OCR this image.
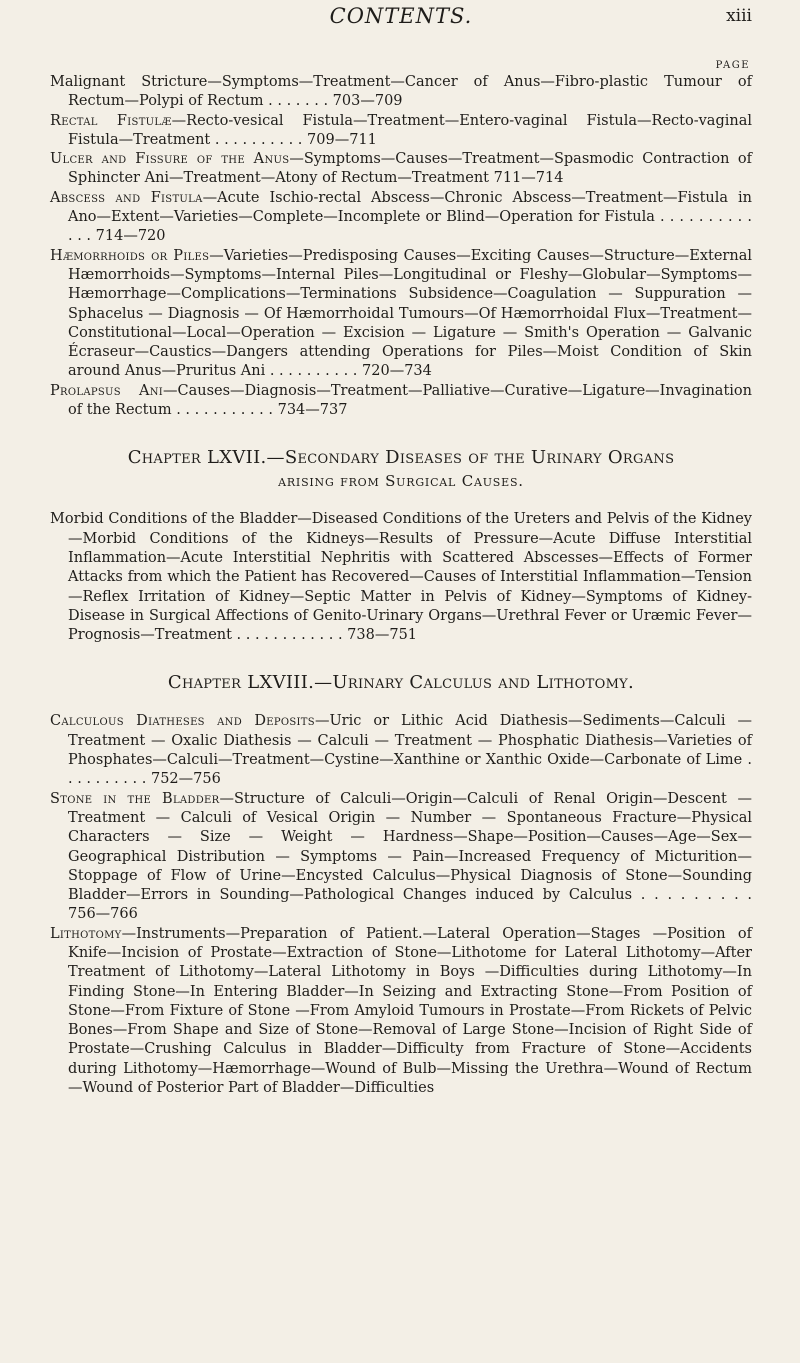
CONTENTS.	xiii
PAGE

Malignant Stricture—Symptoms—Treatment—Cancer of Anus—Fibro-plastic Tumour of Rectum—Polypi of Rectum . . . . . . . 703—709

Rectal Fistulæ—Recto-vesical Fistula—Treatment—Entero-vaginal Fistula—Recto-vaginal Fistula—Treatment . . . . . . . . . . 709—711

Ulcer and Fissure of the Anus—Symptoms—Causes—Treatment—Spasmodic Contraction of Sphincter Ani—Treatment—Atony of Rectum—Treatment 711—714

Abscess and Fistula—Acute Ischio-rectal Abscess—Chronic Abscess—Treatment—Fistula in Ano—Extent—Varieties—Complete—Incomplete or Blind—Operation for Fistula . . . . . . . . . . . . . 714—720

Hæmorrhoids or Piles—Varieties—Predisposing Causes—Exciting Causes—Structure—External Hæmorrhoids—Symptoms—Internal Piles—Longitudinal or Fleshy—Globular—Symptoms—Hæmorrhage—Complications—Terminations Subsidence—Coagulation — Suppuration — Sphacelus — Diagnosis — Of Hæmorrhoidal Tumours—Of Hæmorrhoidal Flux—Treatment—Constitutional—Local—Operation — Excision — Ligature — Smith's Operation — Galvanic Écraseur—Caustics—Dangers attending Operations for Piles—Moist Condition of Skin around Anus—Pruritus Ani . . . . . . . . . . 720—734

Prolapsus Ani—Causes—Diagnosis—Treatment—Palliative—Curative—Ligature—Invagination of the Rectum . . . . . . . . . . . 734—737

Chapter LXVII.—Secondary Diseases of the Urinary Organs
arising from Surgical Causes.

Morbid Conditions of the Bladder—Diseased Conditions of the Ureters and Pelvis of the Kidney—Morbid Conditions of the Kidneys—Results of Pressure—Acute Diffuse Interstitial Inflammation—Acute Interstitial Nephritis with Scattered Abscesses—Effects of Former Attacks from which the Patient has Recovered—Causes of Interstitial Inflammation—Tension—Reflex Irritation of Kidney—Septic Matter in Pelvis of Kidney—Symptoms of Kidney-Disease in Surgical Affections of Genito-Urinary Organs—Urethral Fever or Uræmic Fever—Prognosis—Treatment . . . . . . . . . . . . 738—751

Chapter LXVIII.—Urinary Calculus and Lithotomy.

Calculous Diatheses and Deposits—Uric or Lithic Acid Diathesis—Sediments—Calculi — Treatment — Oxalic Diathesis — Calculi — Treatment — Phosphatic Diathesis—Varieties of Phosphates—Calculi—Treatment—Cystine—Xanthine or Xanthic Oxide—Carbonate of Lime . . . . . . . . . . 752—756

Stone in the Bladder—Structure of Calculi—Origin—Calculi of Renal Origin—Descent — Treatment — Calculi of Vesical Origin — Number — Spontaneous Fracture—Physical Characters — Size — Weight — Hardness—Shape—Position—Causes—Age—Sex—Geographical Distribution — Symptoms — Pain—Increased Frequency of Micturition—Stoppage of Flow of Urine—Encysted Calculus—Physical Diagnosis of Stone—Sounding Bladder—Errors in Sounding—Pathological Changes induced by Calculus . . . . . . . . . 756—766

Lithotomy—Instruments—Preparation of Patient.—Lateral Operation—Stages —Position of Knife—Incision of Prostate—Extraction of Stone—Lithotome for Lateral Lithotomy—After Treatment of Lithotomy—Lateral Lithotomy in Boys —Difficulties during Lithotomy—In Finding Stone—In Entering Bladder—In Seizing and Extracting Stone—From Position of Stone—From Fixture of Stone —From Amyloid Tumours in Prostate—From Rickets of Pelvic Bones—From Shape and Size of Stone—Removal of Large Stone—Incision of Right Side of Prostate—Crushing Calculus in Bladder—Difficulty from Fracture of Stone—Accidents during Lithotomy—Hæmorrhage—Wound of Bulb—Missing the Urethra—Wound of Rectum—Wound of Posterior Part of Bladder—Difficulties
